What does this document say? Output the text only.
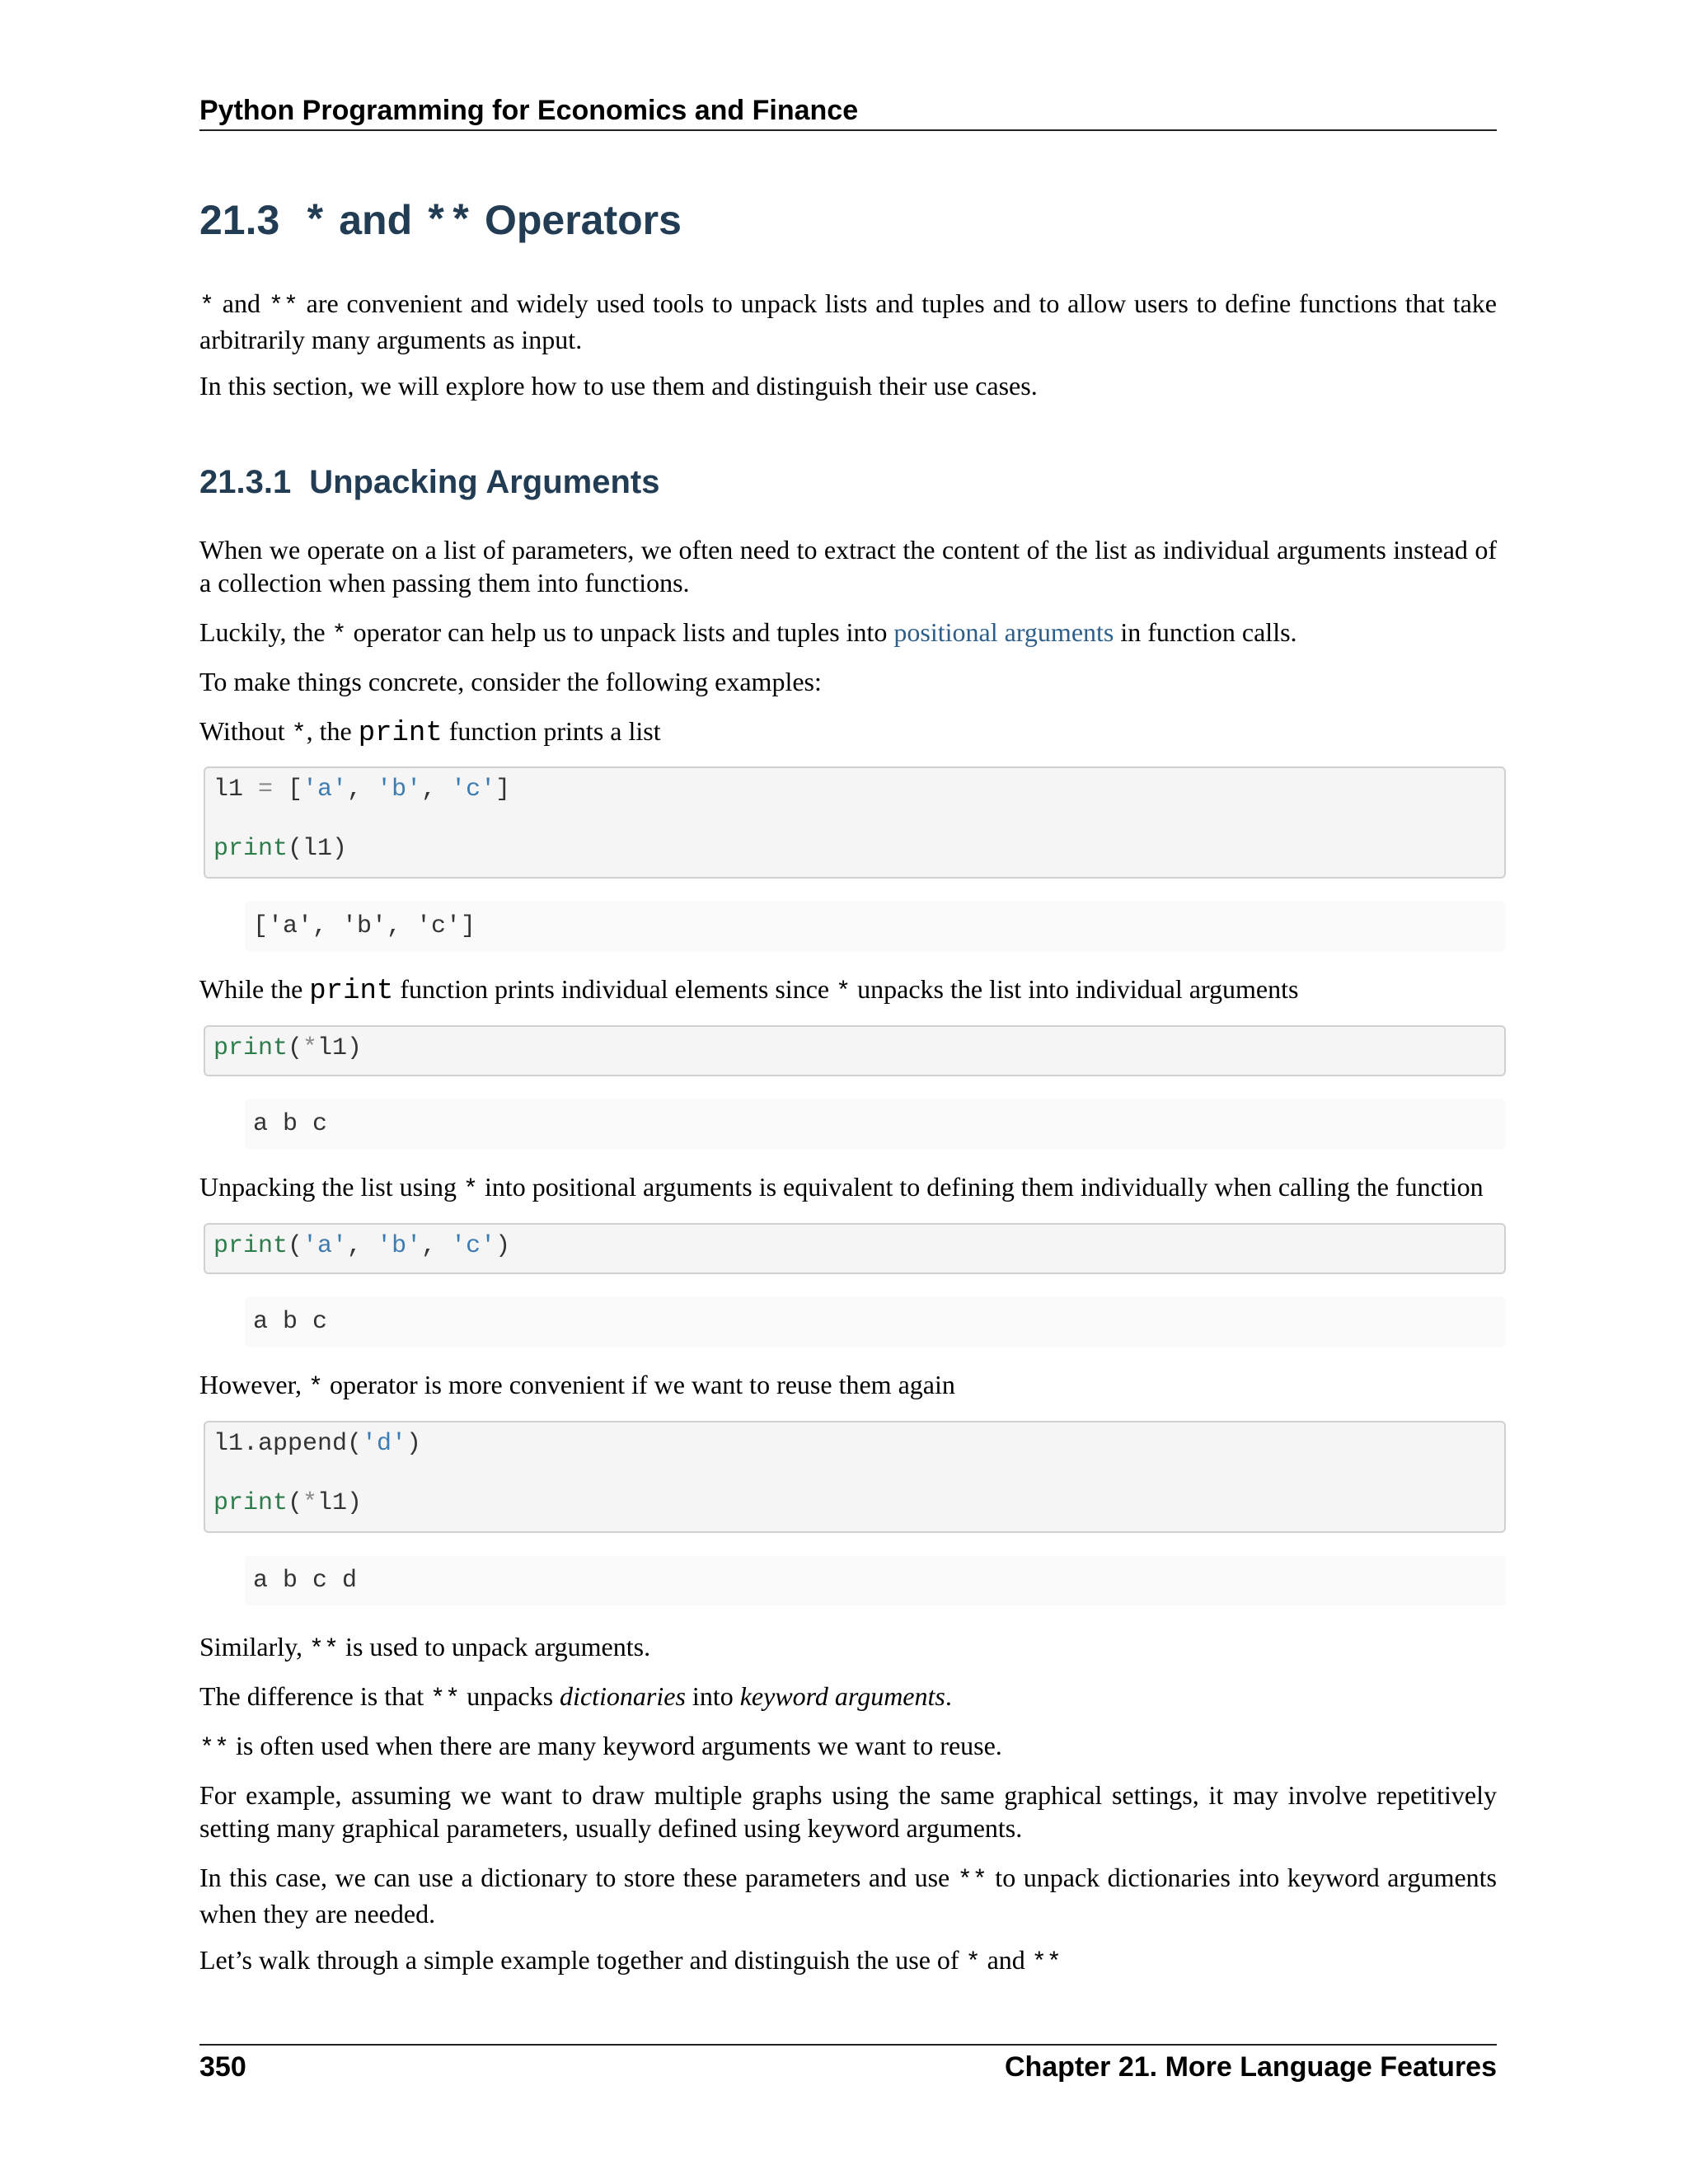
Python Programming for Economics and Finance
21.3 * and ** Operators
* and ** are convenient and widely used tools to unpack lists and tuples and to allow users to define functions that take arbitrarily many arguments as input.
In this section, we will explore how to use them and distinguish their use cases.
21.3.1 Unpacking Arguments
When we operate on a list of parameters, we often need to extract the content of the list as individual arguments instead of a collection when passing them into functions.
Luckily, the * operator can help us to unpack lists and tuples into positional arguments in function calls.
To make things concrete, consider the following examples:
Without *, the print function prints a list
l1 = ['a', 'b', 'c']
print(l1)
['a', 'b', 'c']
While the print function prints individual elements since * unpacks the list into individual arguments
print(*l1)
a b c
Unpacking the list using * into positional arguments is equivalent to defining them individually when calling the function
print('a', 'b', 'c')
a b c
However, * operator is more convenient if we want to reuse them again
l1.append('d')
print(*l1)
a b c d
Similarly, ** is used to unpack arguments.
The difference is that ** unpacks dictionaries into keyword arguments.
** is often used when there are many keyword arguments we want to reuse.
For example, assuming we want to draw multiple graphs using the same graphical settings, it may involve repetitively setting many graphical parameters, usually defined using keyword arguments.
In this case, we can use a dictionary to store these parameters and use ** to unpack dictionaries into keyword arguments when they are needed.
Let’s walk through a simple example together and distinguish the use of * and **
350	Chapter 21. More Language Features
